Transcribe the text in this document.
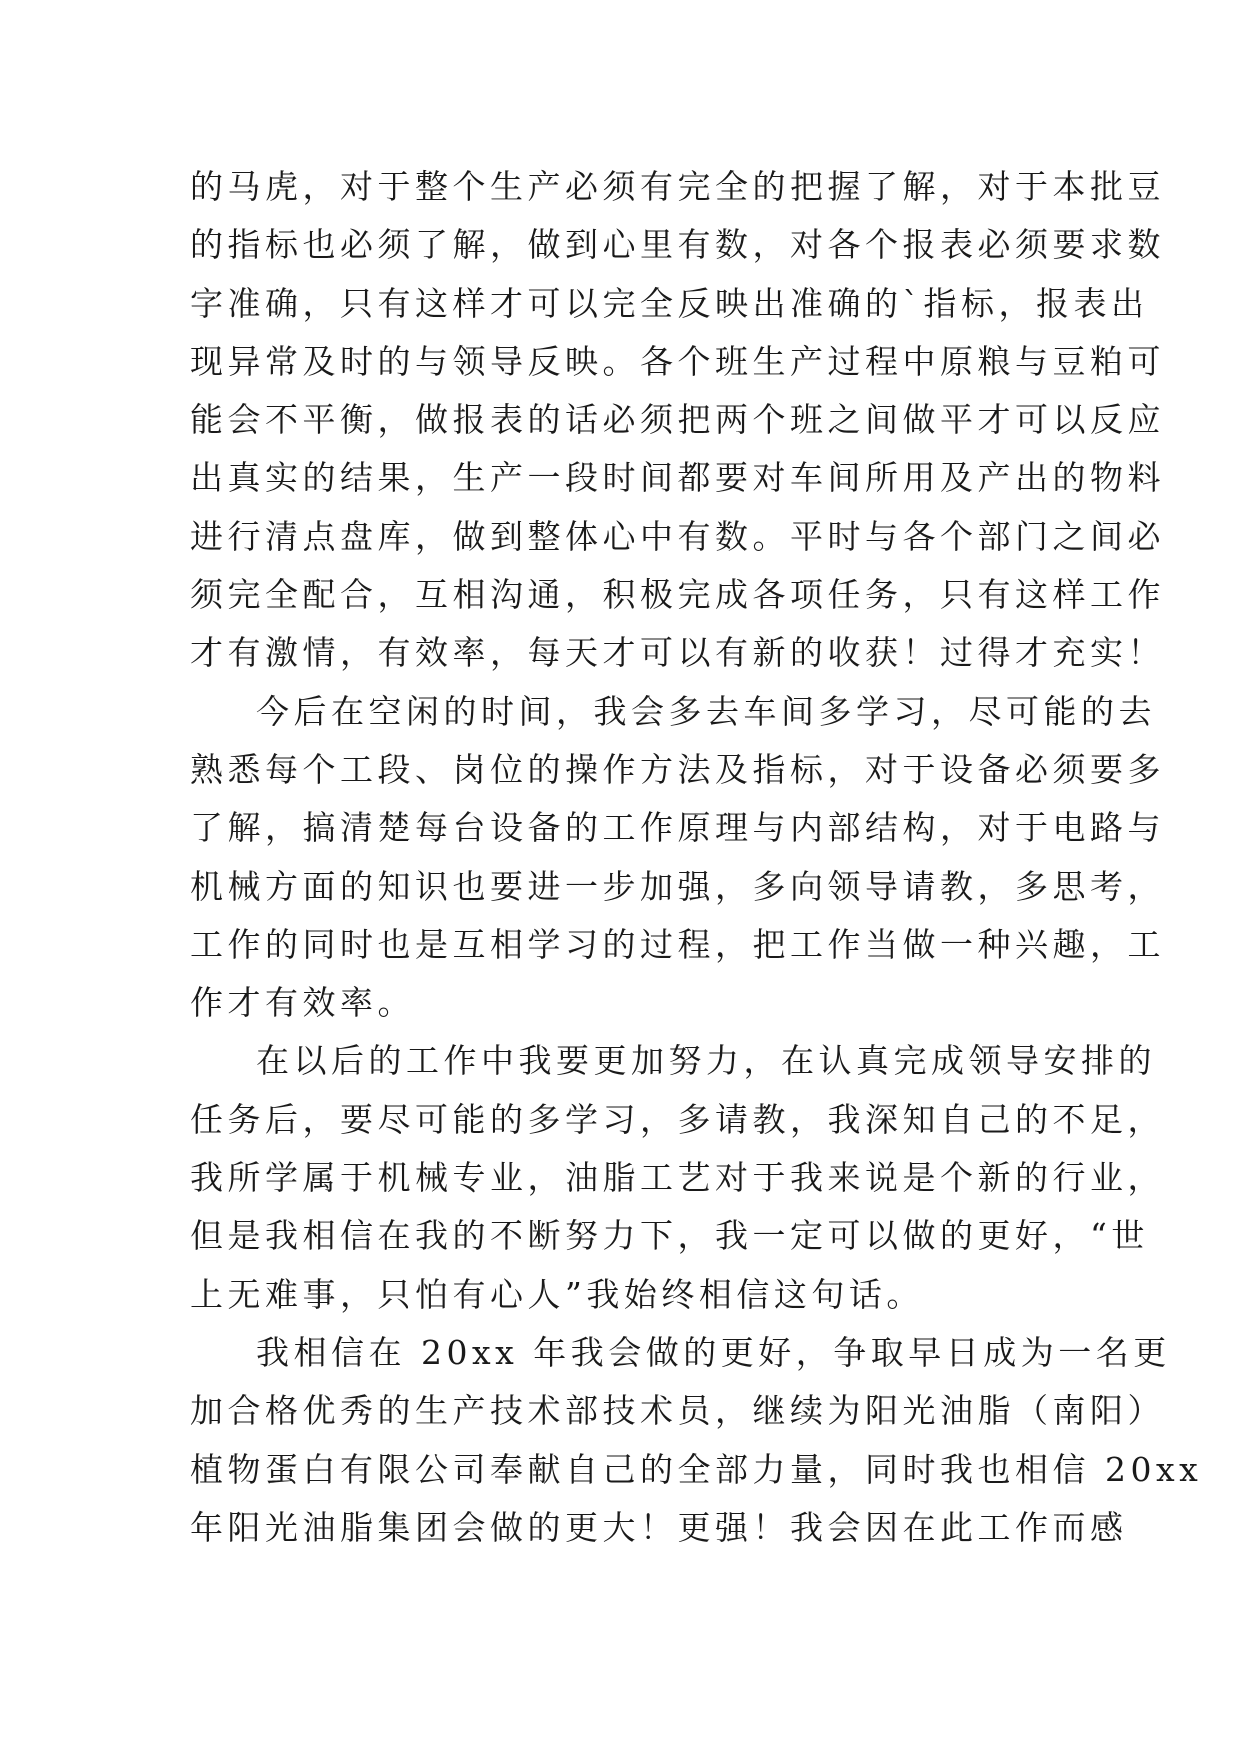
的马虎，对于整个生产必须有完全的把握了解，对于本批豆
的指标也必须了解，做到心里有数，对各个报表必须要求数
字准确，只有这样才可以完全反映出准确的`指标，报表出
现异常及时的与领导反映。各个班生产过程中原粮与豆粕可
能会不平衡，做报表的话必须把两个班之间做平才可以反应
出真实的结果，生产一段时间都要对车间所用及产出的物料
进行清点盘库，做到整体心中有数。平时与各个部门之间必
须完全配合，互相沟通，积极完成各项任务，只有这样工作
才有激情，有效率，每天才可以有新的收获！过得才充实！
今后在空闲的时间，我会多去车间多学习，尽可能的去
熟悉每个工段、岗位的操作方法及指标，对于设备必须要多
了解，搞清楚每台设备的工作原理与内部结构，对于电路与
机械方面的知识也要进一步加强，多向领导请教，多思考，
工作的同时也是互相学习的过程，把工作当做一种兴趣，工
作才有效率。
在以后的工作中我要更加努力，在认真完成领导安排的
任务后，要尽可能的多学习，多请教，我深知自己的不足，
我所学属于机械专业，油脂工艺对于我来说是个新的行业，
但是我相信在我的不断努力下，我一定可以做的更好，“世
上无难事，只怕有心人”我始终相信这句话。
我相信在 20xx 年我会做的更好，争取早日成为一名更
加合格优秀的生产技术部技术员，继续为阳光油脂（南阳）
植物蛋白有限公司奉献自己的全部力量，同时我也相信 20xx
年阳光油脂集团会做的更大！更强！我会因在此工作而感
